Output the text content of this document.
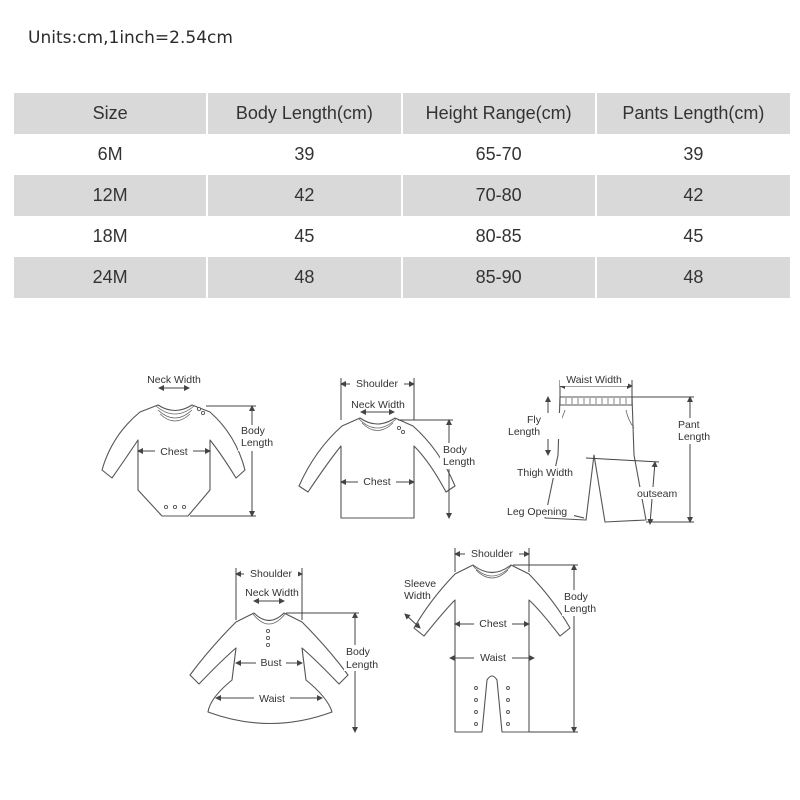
Units:cm,1inch=2.54cm
Size	Body Length(cm)	Height Range(cm)	Pants Length(cm)
6M	39	65-70	39
12M	42	70-80	42
18M	45	80-85	45
24M	48	85-90	48
Neck Width
Chest
Body
Length
Shoulder
Neck Width
Chest
Body
Length
Waist Width
Fly
Length
Pant
Length
Thigh Width
outseam
Leg Opening
Shoulder
Neck Width
Bust
Waist
Body
Length
Shoulder
Sleeve
Width
Chest
Waist
Body
Length
